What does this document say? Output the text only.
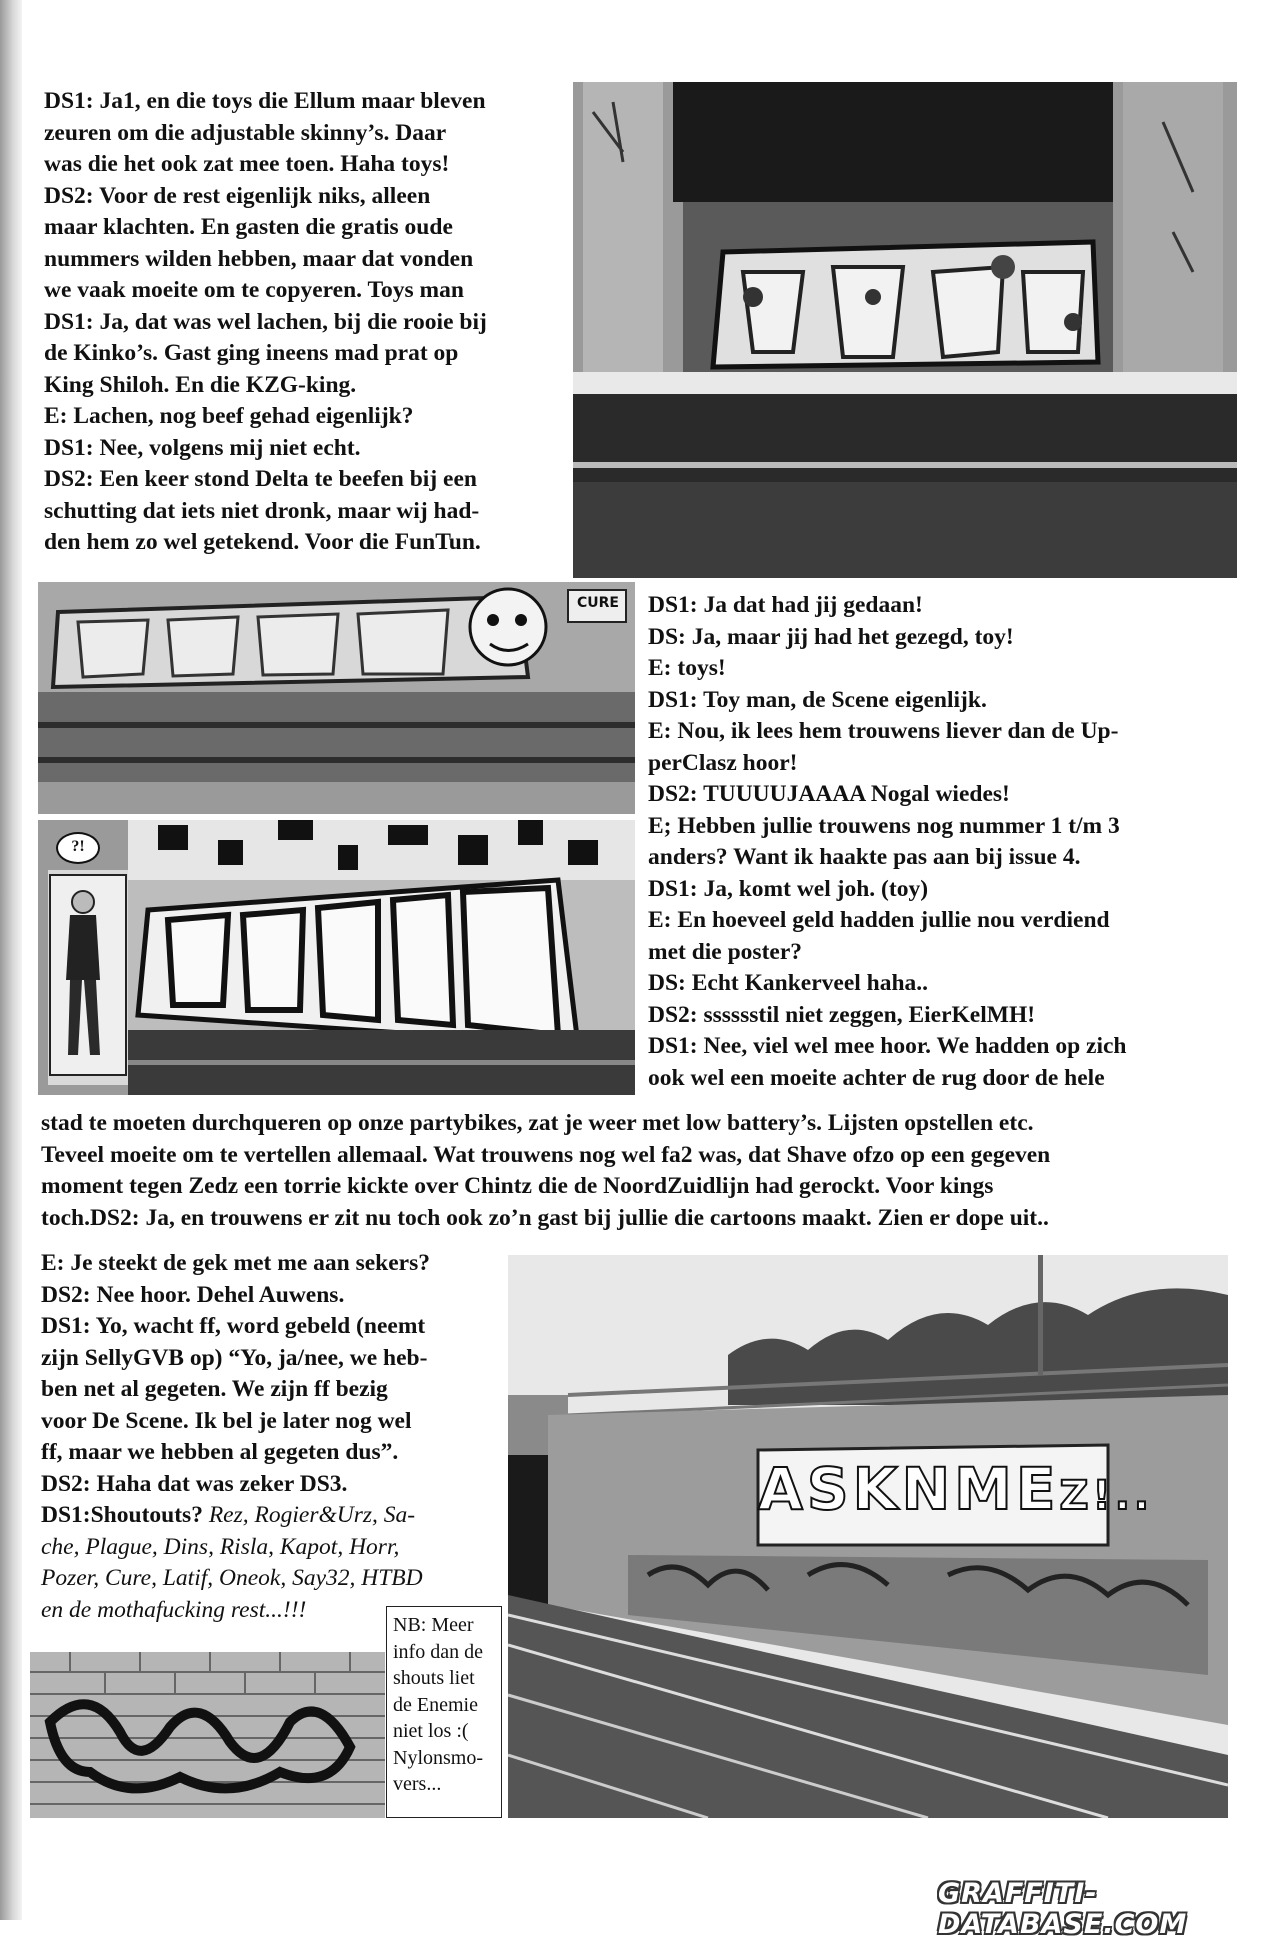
DS1: Ja1, en die toys die Ellum maar bleven
zeuren om die adjustable skinny’s. Daar
was die het ook zat mee toen. Haha toys!
DS2: Voor de rest eigenlijk niks, alleen
maar klachten. En gasten die gratis oude
nummers wilden hebben, maar dat vonden
we vaak moeite om te copyeren. Toys man
DS1: Ja, dat was wel lachen, bij die rooie bij
de Kinko’s. Gast ging ineens mad prat op
King Shiloh. En die KZG-king.
E: Lachen, nog beef gehad eigenlijk?
DS1: Nee, volgens mij niet echt.
DS2: Een keer stond Delta te beefen bij een
schutting dat iets niet dronk, maar wij had-
den hem zo wel getekend. Voor die FunTun.
CURE DS1: Ja dat had jij gedaan!
DS: Ja, maar jij had het gezegd, toy!
E: toys!
DS1: Toy man, de Scene eigenlijk.
E: Nou, ik lees hem trouwens liever dan de Up-
perClasz hoor!
DS2: TUUUUJAAAA Nogal wiedes!
E; Hebben jullie trouwens nog nummer 1 t/m 3
anders? Want ik haakte pas aan bij issue 4.
DS1: Ja, komt wel joh. (toy)
E: En hoeveel geld hadden jullie nou verdiend
met die poster?
DS: Echt Kankerveel haha..
DS2: sssssstil niet zeggen, EierKelMH!
DS1: Nee, viel wel mee hoor. We hadden op zich
ook wel een moeite achter de rug door de hele
?!
stad te moeten durchqueren op onze partybikes, zat je weer met low battery’s. Lijsten opstellen etc.
Teveel moeite om te vertellen allemaal. Wat trouwens nog wel fa2 was, dat Shave ofzo op een gegeven
moment tegen Zedz een torrie kickte over Chintz die de NoordZuidlijn had gerockt. Voor kings
toch.DS2: Ja, en trouwens er zit nu toch ook zo’n gast bij jullie die cartoons maakt. Zien er dope uit..
E: Je steekt de gek met me aan sekers?
DS2: Nee hoor. Dehel Auwens.
DS1: Yo, wacht ff, word gebeld (neemt
zijn SellyGVB op) “Yo, ja/nee, we heb-
ben net al gegeten. We zijn ff bezig
voor De Scene. Ik bel je later nog wel
ff, maar we hebben al gegeten dus”.
DS2: Haha dat was zeker DS3.
DS1:Shoutouts? Rez, Rogier&Urz, Sa-
che, Plague, Dins, Risla, Kapot, Horr,
Pozer, Cure, Latif, Oneok, Say32, HTBD
en de mothafucking rest...!!!
ASKNMEZ!..
NB: Meer
info dan de
shouts liet
de Enemie
niet los :(
Nylonsmo-
vers...
GRAFFITI-DATABASE.COM
